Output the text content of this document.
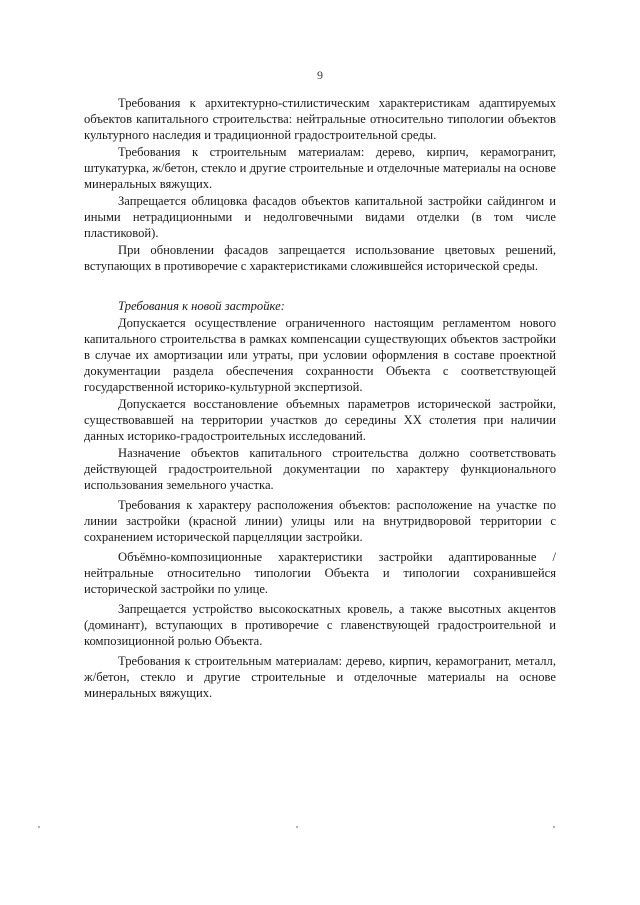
9

Требования к архитектурно-стилистическим характеристикам адаптируемых объектов капитального строительства: нейтральные относительно типологии объектов культурного наследия и традиционной градостроительной среды.

Требования к строительным материалам: дерево, кирпич, керамогранит, штукатурка, ж/бетон, стекло и другие строительные и отделочные материалы на основе минеральных вяжущих.

Запрещается облицовка фасадов объектов капитальной застройки сайдингом и иными нетрадиционными и недолговечными видами отделки (в том числе пластиковой).

При обновлении фасадов запрещается использование цветовых решений, вступающих в противоречие с характеристиками сложившейся исторической среды.

Требования к новой застройке:

Допускается осуществление ограниченного настоящим регламентом нового капитального строительства в рамках компенсации существующих объектов застройки в случае их амортизации или утраты, при условии оформления в составе проектной документации раздела обеспечения сохранности Объекта с соответствующей государственной историко-культурной экспертизой.

Допускается восстановление объемных параметров исторической застройки, существовавшей на территории участков до середины XX столетия при наличии данных историко-градостроительных исследований.

Назначение объектов капитального строительства должно соответствовать действующей градостроительной документации по характеру функционального использования земельного участка.

Требования к характеру расположения объектов: расположение на участке по линии застройки (красной линии) улицы или на внутридворовой территории с сохранением исторической парцелляции застройки.

Объёмно-композиционные характеристики застройки адаптированные /нейтральные относительно типологии Объекта и типологии сохранившейся исторической застройки по улице.

Запрещается устройство высокоскатных кровель, а также высотных акцентов (доминант), вступающих в противоречие с главенствующей градостроительной и композиционной ролью Объекта.

Требования к строительным материалам: дерево, кирпич, керамогранит, металл, ж/бетон, стекло и другие строительные и отделочные материалы на основе минеральных вяжущих.
